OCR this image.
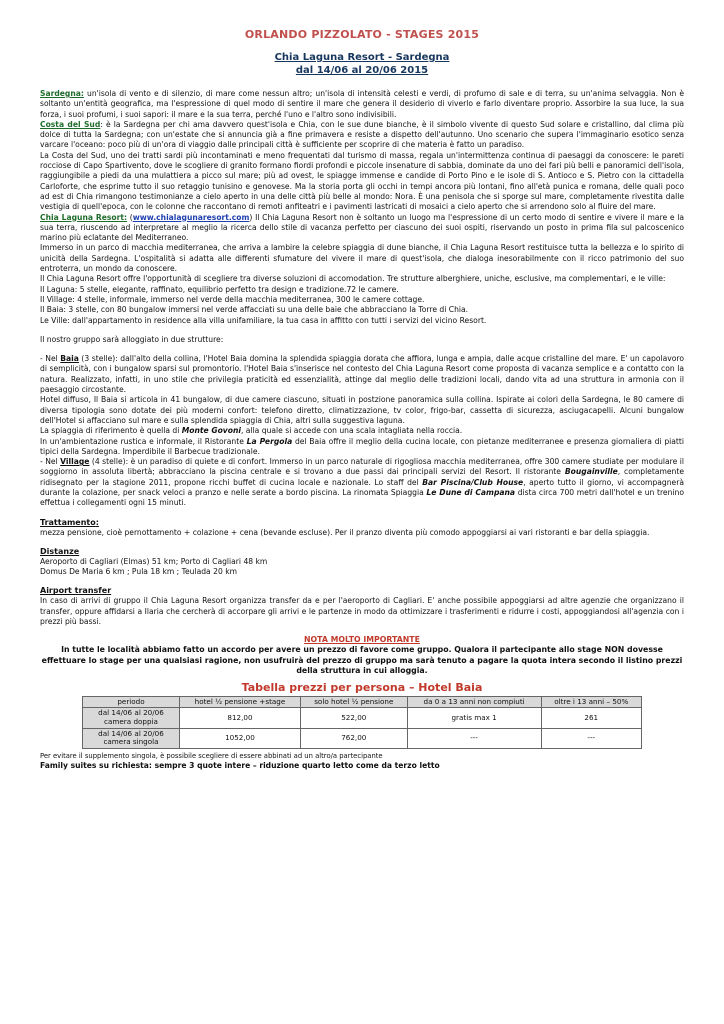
ORLANDO PIZZOLATO - STAGES 2015
Chia Laguna Resort - Sardegna
dal 14/06 al 20/06 2015

Sardegna: un'isola di vento e di silenzio, di mare come nessun altro; un'isola di intensità celesti e verdi, di profumo di sale e di terra, su un'anima selvaggia. Non è soltanto un'entità geografica, ma l'espressione di quel modo di sentire il mare che genera il desiderio di viverlo e farlo diventare proprio. Assorbire la sua luce, la sua forza, i suoi profumi, i suoi sapori: il mare e la sua terra, perché l'uno e l'altro sono indivisibili.

Costa del Sud: è la Sardegna per chi ama davvero quest'isola e Chia, con le sue dune bianche, è il simbolo vivente di questo Sud solare e cristallino, dal clima più dolce di tutta la Sardegna; con un'estate che si annuncia già a fine primavera e resiste a dispetto dell'autunno. Uno scenario che supera l'immaginario esotico senza varcare l'oceano: poco più di un'ora di viaggio dalle principali città è sufficiente per scoprire di che materia è fatto un paradiso.

La Costa del Sud, uno dei tratti sardi più incontaminati e meno frequentati dal turismo di massa, regala un'intermittenza continua di paesaggi da conoscere: le pareti rocciose di Capo Spartivento, dove le scogliere di granito formano fiordi profondi e piccole insenature di sabbia, dominate da uno dei fari più belli e panoramici dell'isola, raggiungibile a piedi da una mulattiera a picco sul mare; più ad ovest, le spiagge immense e candide di Porto Pino e le isole di S. Antioco e S. Pietro con la cittadella Carloforte, che esprime tutto il suo retaggio tunisino e genovese. Ma la storia porta gli occhi in tempi ancora più lontani, fino all'età punica e romana, delle quali poco ad est di Chia rimangono testimonianze a cielo aperto in una delle città più belle al mondo: Nora. È una penisola che si sporge sul mare, completamente rivestita dalle vestigia di quell'epoca, con le colonne che raccontano di remoti anfiteatri e i pavimenti lastricati di mosaici a cielo aperto che si arrendono solo al fluire del mare.

Chia Laguna Resort: (www.chialagunaresort.com) Il Chia Laguna Resort non è soltanto un luogo ma l'espressione di un certo modo di sentire e vivere il mare e la sua terra, riuscendo ad interpretare al meglio la ricerca dello stile di vacanza perfetto per ciascuno dei suoi ospiti, riservando un posto in prima fila sul palcoscenico marino più eclatante del Mediterraneo.

Immerso in un parco di macchia mediterranea, che arriva a lambire la celebre spiaggia di dune bianche, il Chia Laguna Resort restituisce tutta la bellezza e lo spirito di unicità della Sardegna. L'ospitalità si adatta alle differenti sfumature del vivere il mare di quest'isola, che dialoga inesorabilmente con il ricco patrimonio del suo entroterra, un mondo da conoscere.

Il Chia Laguna Resort offre l'opportunità di scegliere tra diverse soluzioni di accomodation. Tre strutture alberghiere, uniche, esclusive, ma complementari, e le ville:

Il Laguna: 5 stelle, elegante, raffinato, equilibrio perfetto tra design e tradizione.72 le camere.

Il Village: 4 stelle, informale, immerso nel verde della macchia mediterranea, 300 le camere cottage.

Il Baia: 3 stelle, con 80 bungalow immersi nel verde affacciati su una delle baie che abbracciano la Torre di Chia.

Le Ville: dall'appartamento in residence alla villa unifamiliare, la tua casa in affitto con tutti i servizi del vicino Resort.

Il nostro gruppo sarà alloggiato in due strutture:

- Nel Baia (3 stelle): dall'alto della collina, l'Hotel Baia domina la splendida spiaggia dorata che affiora, lunga e ampia, dalle acque cristalline del mare. E' un capolavoro di semplicità, con i bungalow sparsi sul promontorio. l'Hotel Baia s'inserisce nel contesto del Chia Laguna Resort come proposta di vacanza semplice e a contatto con la natura. Realizzato, infatti, in uno stile che privilegia praticità ed essenzialità, attinge dal meglio delle tradizioni locali, dando vita ad una struttura in armonia con il paesaggio circostante.

Hotel diffuso, Il Baia si articola in 41 bungalow, di due camere ciascuno, situati in postzione panoramica sulla collina. Ispirate ai colori della Sardegna, le 80 camere di diversa tipologia sono dotate dei più moderni confort: telefono diretto, climatizzazione, tv color, frigo-bar, cassetta di sicurezza, asciugacapelli. Alcuni bungalow dell'Hotel si affacciano sul mare e sulla splendida spiaggia di Chia, altri sulla suggestiva laguna.

La spiaggia di riferimento è quella di Monte Govoni, alla quale si accede con una scala intagliata nella roccia.

In un'ambientazione rustica e informale, il Ristorante La Pergola del Baia offre il meglio della cucina locale, con pietanze mediterranee e presenza giornaliera di piatti tipici della Sardegna. Imperdibile il Barbecue tradizionale.

- Nel Village (4 stelle): è un paradiso di quiete e di confort. Immerso in un parco naturale di rigogliosa macchia mediterranea, offre 300 camere studiate per modulare il soggiorno in assoluta libertà; abbracciano la piscina centrale e si trovano a due passi dai principali servizi del Resort. Il ristorante Bougainville, completamente ridisegnato per la stagione 2011, propone ricchi buffet di cucina locale e nazionale. Lo staff del Bar Piscina/Club House, aperto tutto il giorno, vi accompagnerà durante la colazione, per snack veloci a pranzo e nelle serate a bordo piscina. La rinomata Spiaggia Le Dune di Campana dista circa 700 metri dall'hotel e un trenino effettua i collegamenti ogni 15 minuti.

Trattamento:

mezza pensione, cioè pernottamento + colazione + cena (bevande escluse). Per il pranzo diventa più comodo appoggiarsi ai vari ristoranti e bar della spiaggia.

Distanze

Aeroporto di Cagliari (Elmas) 51 km; Porto di Cagliari 48 km

Domus De Maria 6 km ; Pula 18 km ; Teulada 20 km

Airport transfer

In caso di arrivi di gruppo il Chia Laguna Resort organizza transfer da e per l'aeroporto di Cagliari. E' anche possibile appoggiarsi ad altre agenzie che organizzano il transfer, oppure affidarsi a Ilaria che cercherà di accorpare gli arrivi e le partenze in modo da ottimizzare i trasferimenti e ridurre i costi, appoggiandosi all'agenzia con i prezzi più bassi.

NOTA MOLTO IMPORTANTE
In tutte le località abbiamo fatto un accordo per avere un prezzo di favore come gruppo. Qualora il partecipante allo stage NON dovesse effettuare lo stage per una qualsiasi ragione, non usufruirà del prezzo di gruppo ma sarà tenuto a pagare la quota intera secondo il listino prezzi della struttura in cui alloggia.
Tabella prezzi per persona – Hotel Baia
periodo	hotel ½ pensione +stage	solo hotel ½ pensione	da 0 a 13 anni non compiuti	oltre i 13 anni – 50%
dal 14/06 al 20/06 camera doppia	812,00	522,00	gratis max 1	261
dal 14/06 al 20/06 camera singola	1052,00	762,00	---	---
Per evitare il supplemento singola, è possibile scegliere di essere abbinati ad un altro/a partecipante
Family suites su richiesta: sempre 3 quote intere – riduzione quarto letto come da terzo letto
